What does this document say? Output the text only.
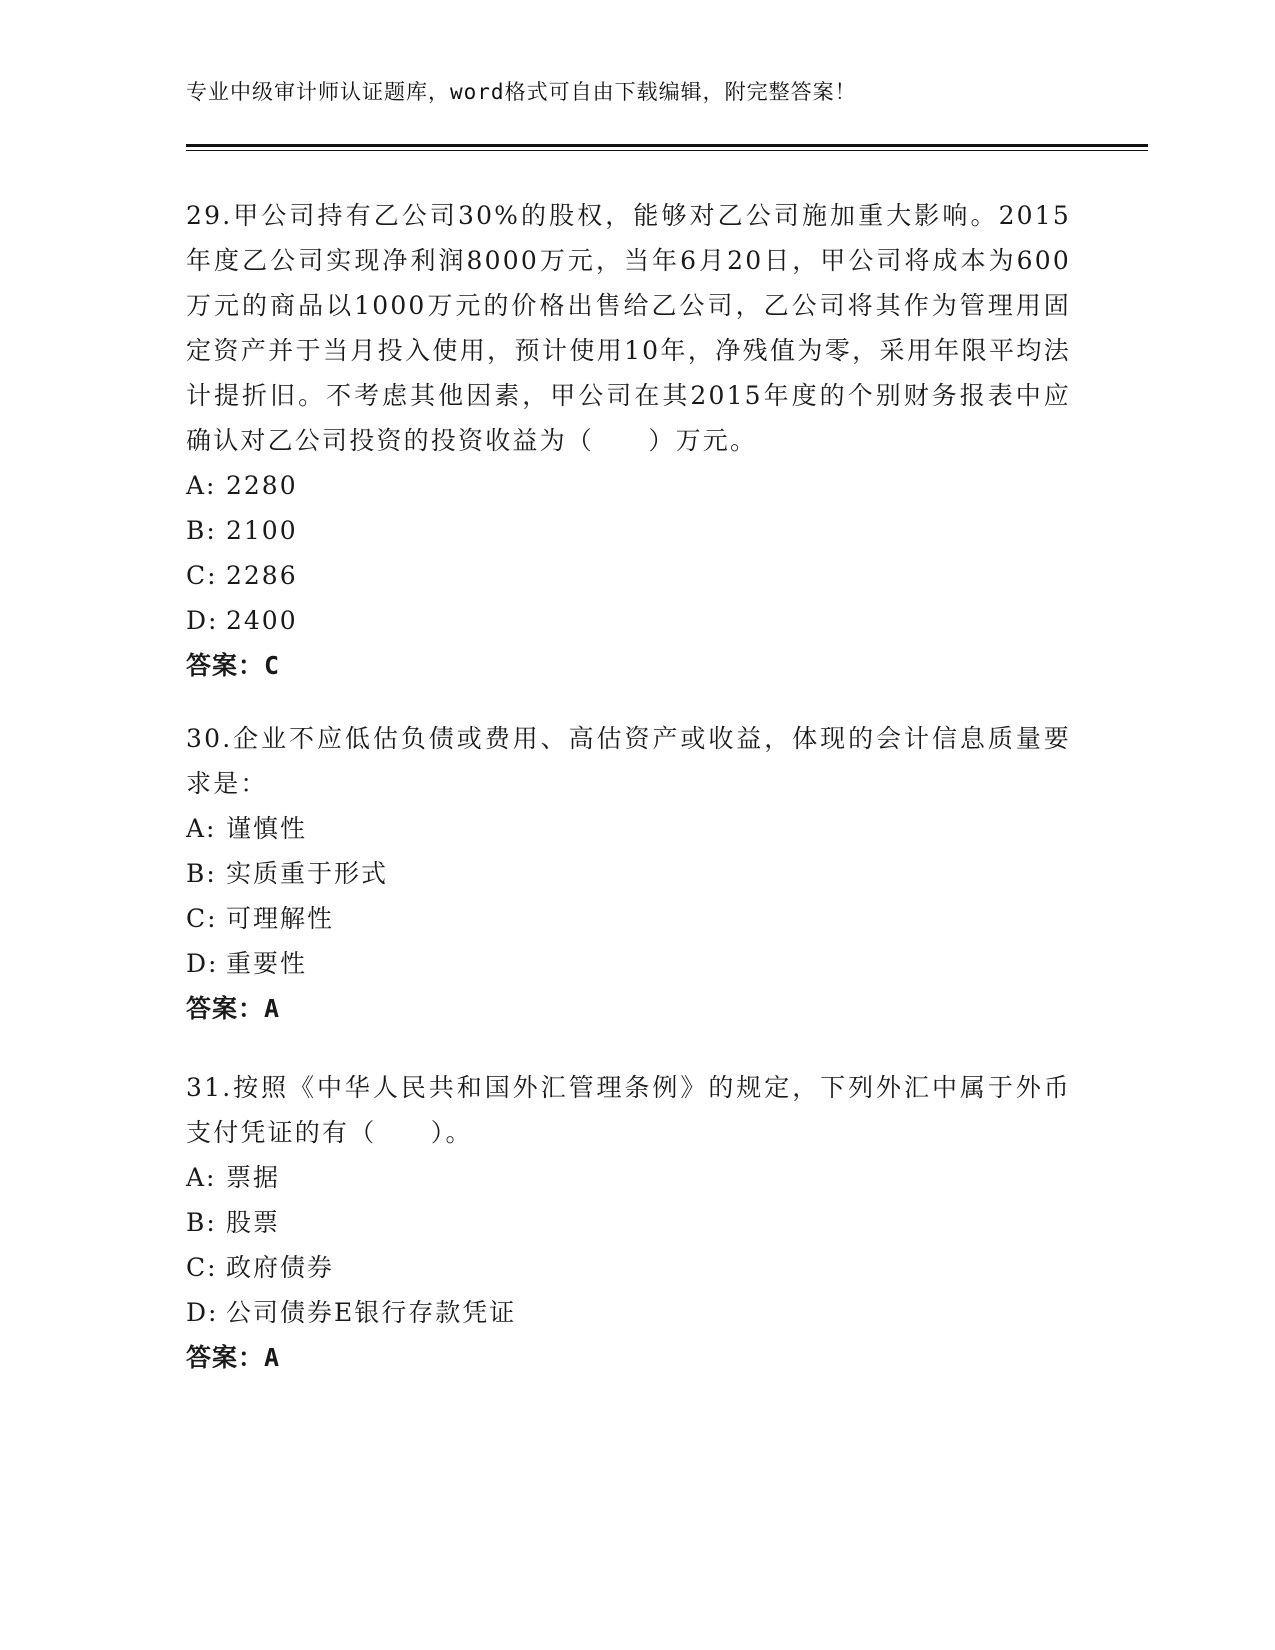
专业中级审计师认证题库，word格式可自由下载编辑，附完整答案！

29.甲公司持有乙公司30%的股权，能够对乙公司施加重大影响。2015年度乙公司实现净利润8000万元，当年6月20日，甲公司将成本为600万元的商品以1000万元的价格出售给乙公司，乙公司将其作为管理用固定资产并于当月投入使用，预计使用10年，净残值为零，采用年限平均法计提折旧。不考虑其他因素，甲公司在其2015年度的个别财务报表中应确认对乙公司投资的投资收益为（　　）万元。

A: 2280
B: 2100
C: 2286
D: 2400
答案：C

30.企业不应低估负债或费用、高估资产或收益，体现的会计信息质量要求是：

A: 谨慎性
B: 实质重于形式
C: 可理解性
D: 重要性
答案：A

31.按照《中华人民共和国外汇管理条例》的规定，下列外汇中属于外币支付凭证的有（　　）。

A: 票据
B: 股票
C: 政府债券
D: 公司债券E银行存款凭证
答案：A
